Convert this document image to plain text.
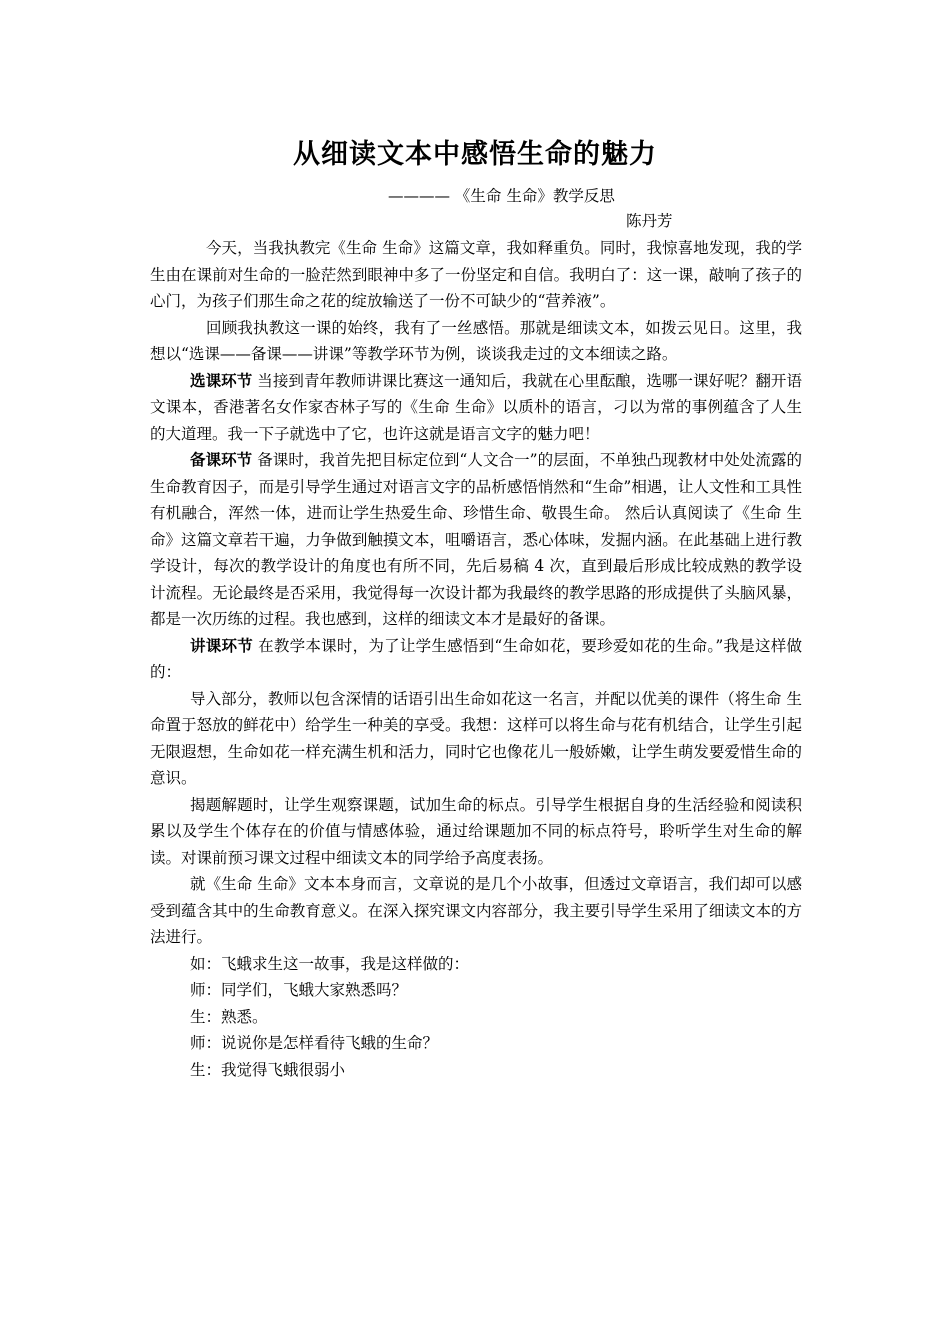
从细读文本中感悟生命的魅力
———— 《生命 生命》教学反思
陈丹芳

今天，当我执教完《生命 生命》这篇文章，我如释重负。同时，我惊喜地发现，我的学生由在课前对生命的一脸茫然到眼神中多了一份坚定和自信。我明白了：这一课，敲响了孩子的心门，为孩子们那生命之花的绽放输送了一份不可缺少的“营养液”。

回顾我执教这一课的始终，我有了一丝感悟。那就是细读文本，如拨云见日。这里，我想以“选课——备课——讲课”等教学环节为例，谈谈我走过的文本细读之路。

选课环节 当接到青年教师讲课比赛这一通知后，我就在心里酝酿，选哪一课好呢？翻开语文课本，香港著名女作家杏林子写的《生命 生命》以质朴的语言，刁以为常的事例蕴含了人生的大道理。我一下子就选中了它，也许这就是语言文字的魅力吧！

备课环节 备课时，我首先把目标定位到“人文合一”的层面，不单独凸现教材中处处流露的生命教育因子，而是引导学生通过对语言文字的品析感悟悄然和“生命”相遇，让人文性和工具性有机融合，浑然一体，进而让学生热爱生命、珍惜生命、敬畏生命。 然后认真阅读了《生命 生命》这篇文章若干遍，力争做到触摸文本，咀嚼语言，悉心体味，发掘内涵。在此基础上进行教学设计，每次的教学设计的角度也有所不同，先后易稿 4 次，直到最后形成比较成熟的教学设计流程。无论最终是否采用，我觉得每一次设计都为我最终的教学思路的形成提供了头脑风暴， 都是一次历练的过程。我也感到，这样的细读文本才是最好的备课。

讲课环节 在教学本课时，为了让学生感悟到“生命如花，要珍爱如花的生命。”我是这样做的：

导入部分，教师以包含深情的话语引出生命如花这一名言，并配以优美的课件（将生命 生命置于怒放的鲜花中）给学生一种美的享受。我想：这样可以将生命与花有机结合，让学生引起无限遐想，生命如花一样充满生机和活力，同时它也像花儿一般娇嫩，让学生萌发要爱惜生命的意识。

揭题解题时，让学生观察课题，试加生命的标点。引导学生根据自身的生活经验和阅读积累以及学生个体存在的价值与情感体验，通过给课题加不同的标点符号，聆听学生对生命的解读。对课前预习课文过程中细读文本的同学给予高度表扬。

就《生命 生命》文本本身而言，文章说的是几个小故事，但透过文章语言，我们却可以感受到蕴含其中的生命教育意义。在深入探究课文内容部分，我主要引导学生采用了细读文本的方法进行。

如：飞蛾求生这一故事，我是这样做的：

师：同学们，飞蛾大家熟悉吗？

生：熟悉。

师：说说你是怎样看待飞蛾的生命？

生：我觉得飞蛾很弱小
